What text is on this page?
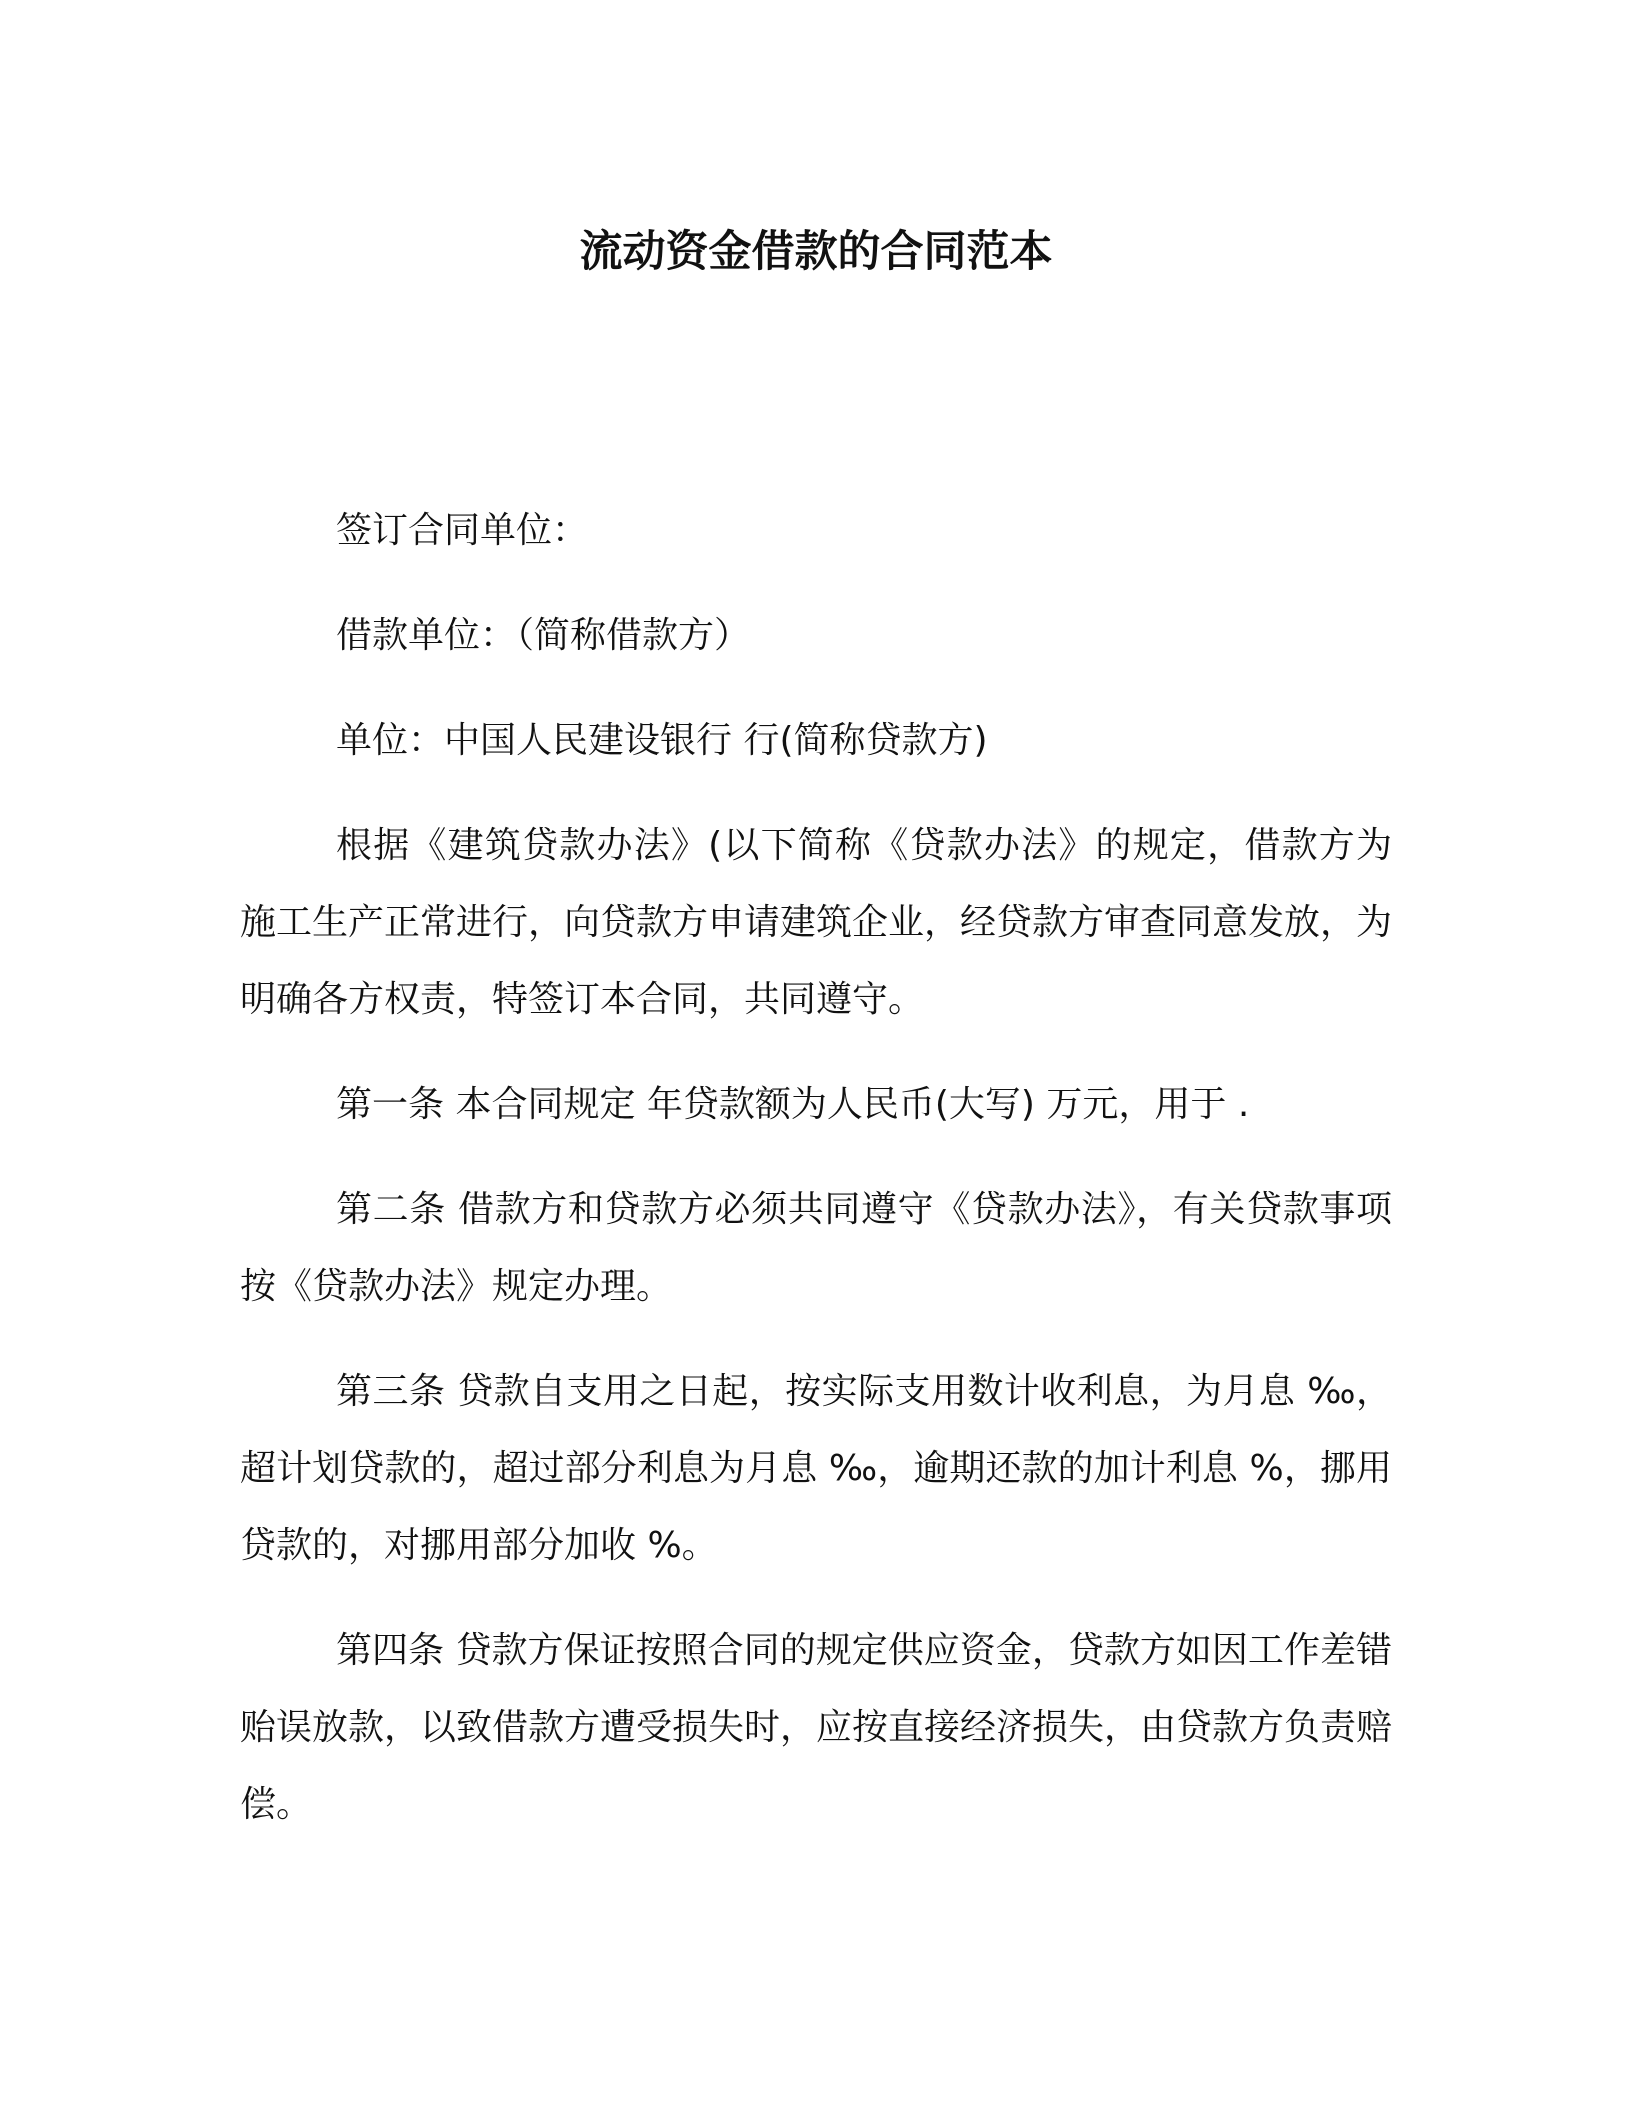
流动资金借款的合同范本

签订合同单位：

借款单位：（简称借款方）

单位：中国人民建设银行 行(简称贷款方)

根据《建筑贷款办法》(以下简称《贷款办法》的规定，借款方为施工生产正常进行，向贷款方申请建筑企业，经贷款方审查同意发放，为明确各方权责，特签订本合同，共同遵守。

第一条 本合同规定 年贷款额为人民币(大写) 万元，用于 .

第二条 借款方和贷款方必须共同遵守《贷款办法》，有关贷款事项按《贷款办法》规定办理。

第三条 贷款自支用之日起，按实际支用数计收利息，为月息 ‰，超计划贷款的，超过部分利息为月息 ‰，逾期还款的加计利息 %，挪用贷款的，对挪用部分加收 %。

第四条 贷款方保证按照合同的规定供应资金，贷款方如因工作差错贻误放款，以致借款方遭受损失时，应按直接经济损失，由贷款方负责赔偿。
